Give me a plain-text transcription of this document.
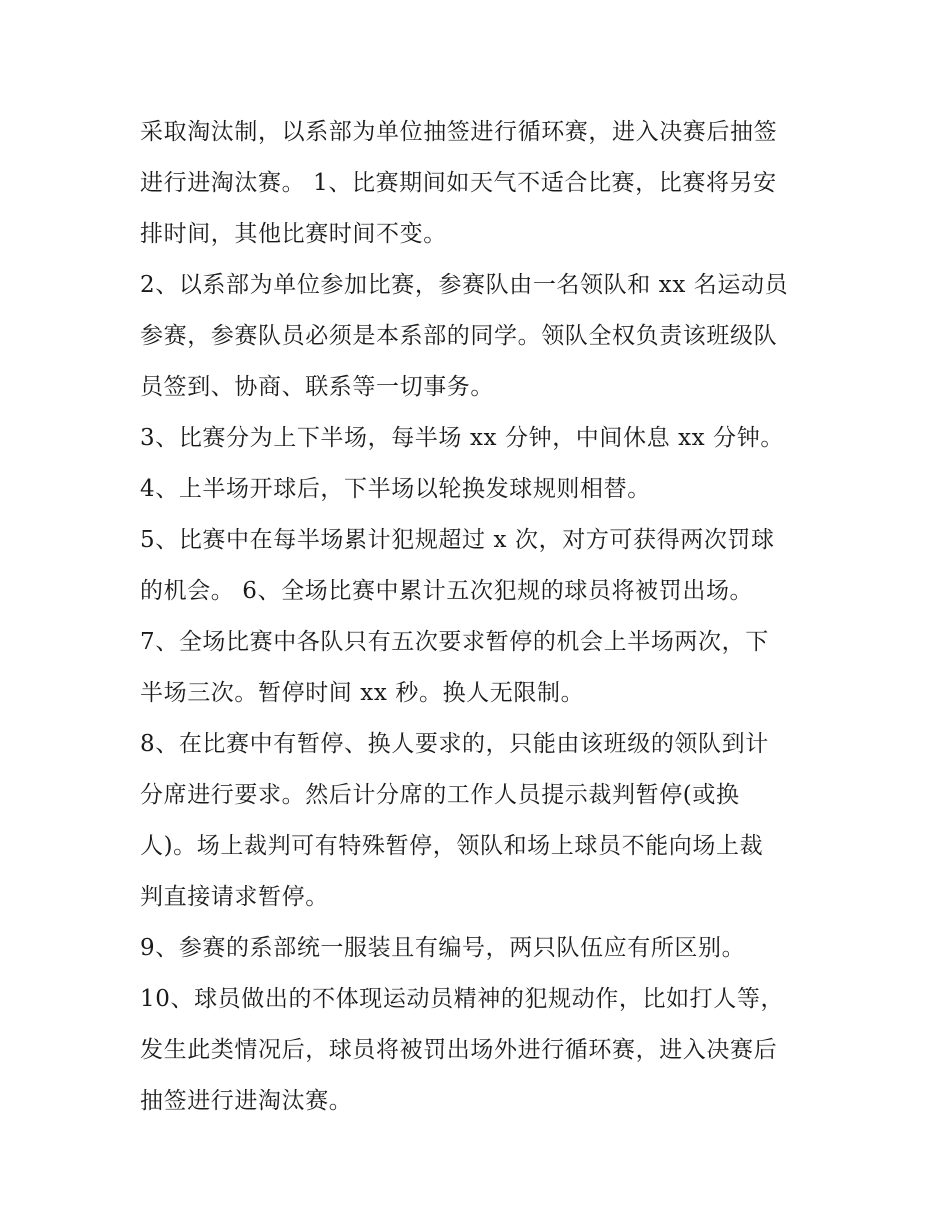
采取淘汰制，以系部为单位抽签进行循环赛，进入决赛后抽签
进行进淘汰赛。 1、比赛期间如天气不适合比赛，比赛将另安
排时间，其他比赛时间不变。
2、以系部为单位参加比赛，参赛队由一名领队和 xx 名运动员
参赛，参赛队员必须是本系部的同学。领队全权负责该班级队
员签到、协商、联系等一切事务。
3、比赛分为上下半场，每半场 xx 分钟，中间休息 xx 分钟。
4、上半场开球后，下半场以轮换发球规则相替。
5、比赛中在每半场累计犯规超过 x 次，对方可获得两次罚球
的机会。 6、全场比赛中累计五次犯规的球员将被罚出场。
7、全场比赛中各队只有五次要求暂停的机会上半场两次，下
半场三次。暂停时间 xx 秒。换人无限制。
8、在比赛中有暂停、换人要求的，只能由该班级的领队到计
分席进行要求。然后计分席的工作人员提示裁判暂停(或换
人)。场上裁判可有特殊暂停，领队和场上球员不能向场上裁
判直接请求暂停。
9、参赛的系部统一服装且有编号，两只队伍应有所区别。
10、球员做出的不体现运动员精神的犯规动作，比如打人等，
发生此类情况后，球员将被罚出场外进行循环赛，进入决赛后
抽签进行进淘汰赛。
